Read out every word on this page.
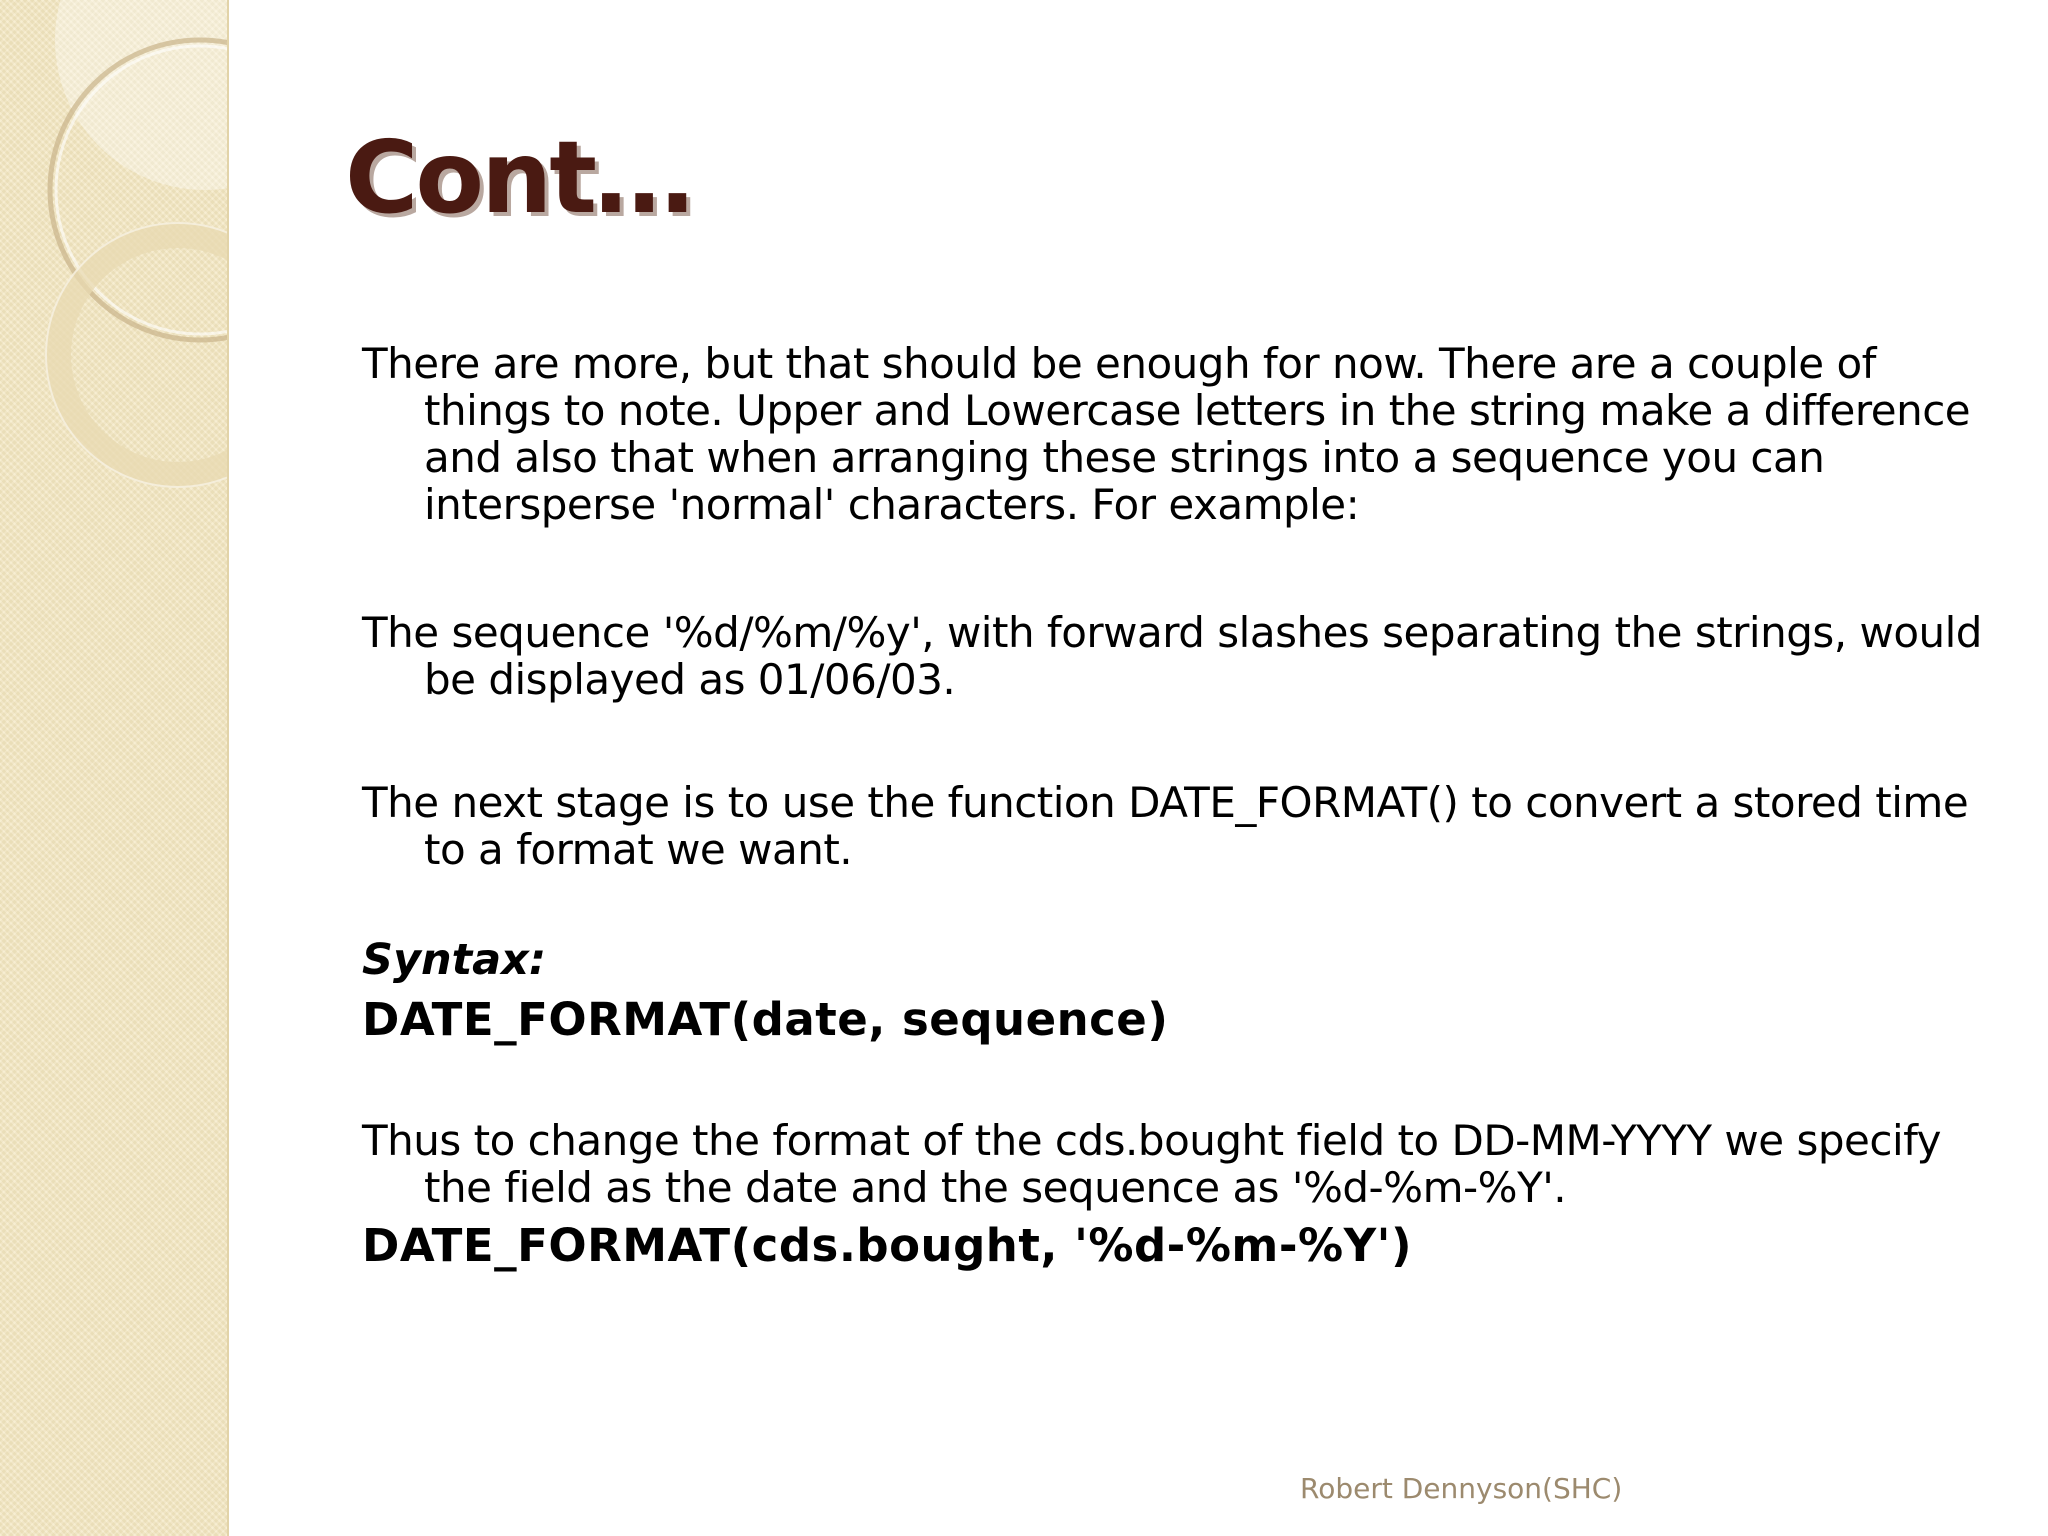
Cont…

There are more, but that should be enough for now. There are a couple of things to note. Upper and Lowercase letters in the string make a difference and also that when arranging these strings into a sequence you can intersperse 'normal' characters. For example:

The sequence '%d/%m/%y', with forward slashes separating the strings, would be displayed as 01/06/03.

The next stage is to use the function DATE_FORMAT() to convert a stored time to a format we want.

Syntax:

DATE_FORMAT(date, sequence)

Thus to change the format of the cds.bought field to DD-MM-YYYY we specify the field as the date and the sequence as '%d-%m-%Y'.

DATE_FORMAT(cds.bought, '%d-%m-%Y')

Robert Dennyson(SHC)
